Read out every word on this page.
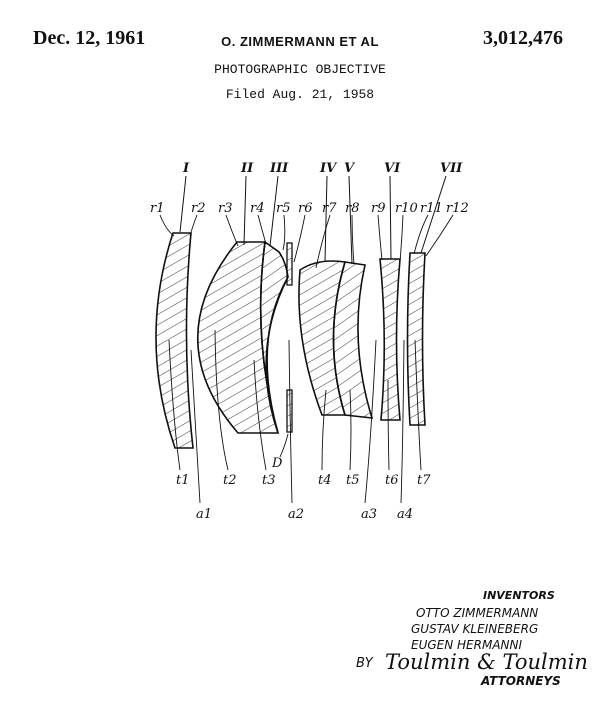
Dec. 12, 1961	O. ZIMMERMANN ET AL	3,012,476
PHOTOGRAPHIC OBJECTIVE
Filed Aug. 21, 1958
I	II III IV V VI	VII
r1 r2 r3 r4 r5 r6 r7 r8 r9 r10 r11 r12
t1	t2 t3	t4 t5 t6 t7
a1	a2	a3 a4
D
INVENTORS
OTTO ZIMMERMANN
GUSTAV KLEINEBERG
EUGEN HERMANNI
BY Toulmin & Toulmin
ATTORNEYS
